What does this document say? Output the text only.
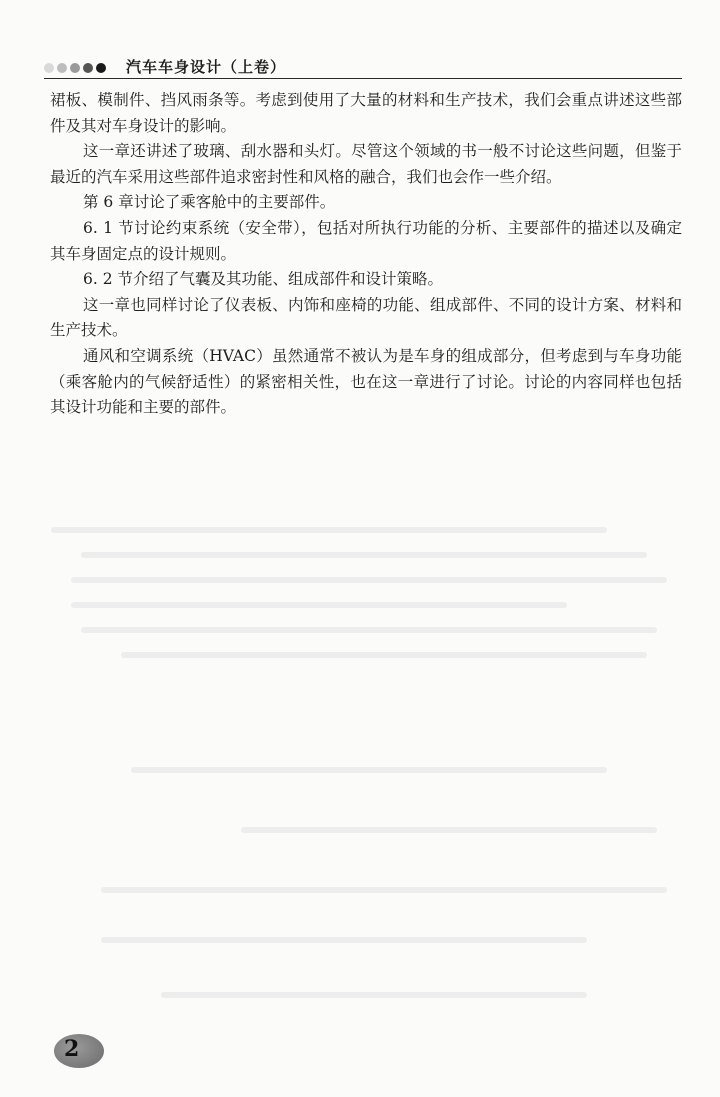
汽车车身设计（上卷）

裙板、模制件、挡风雨条等。考虑到使用了大量的材料和生产技术，我们会重点讲述这些部件及其对车身设计的影响。

这一章还讲述了玻璃、刮水器和头灯。尽管这个领域的书一般不讨论这些问题，但鉴于最近的汽车采用这些部件追求密封性和风格的融合，我们也会作一些介绍。

第 6 章讨论了乘客舱中的主要部件。

6. 1 节讨论约束系统（安全带），包括对所执行功能的分析、主要部件的描述以及确定其车身固定点的设计规则。

6. 2 节介绍了气囊及其功能、组成部件和设计策略。

这一章也同样讨论了仪表板、内饰和座椅的功能、组成部件、不同的设计方案、材料和生产技术。

通风和空调系统（HVAC）虽然通常不被认为是车身的组成部分，但考虑到与车身功能（乘客舱内的气候舒适性）的紧密相关性，也在这一章进行了讨论。讨论的内容同样也包括其设计功能和主要的部件。

2
